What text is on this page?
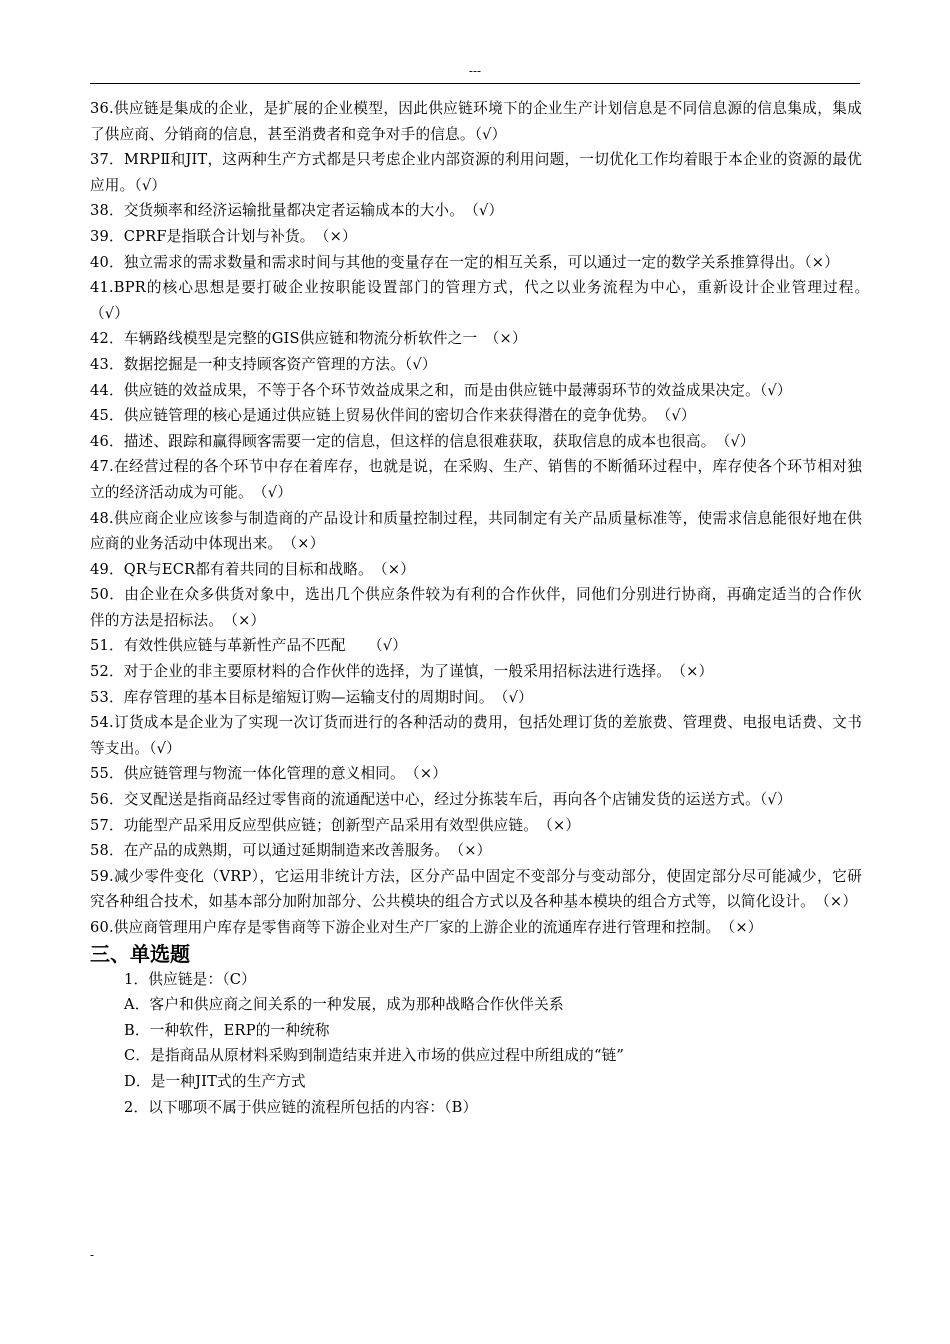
---
36.供应链是集成的企业，是扩展的企业模型，因此供应链环境下的企业生产计划信息是不同信息源的信息集成，集成了供应商、分销商的信息，甚至消费者和竞争对手的信息。（√）
37．MRPⅡ和JIT，这两种生产方式都是只考虑企业内部资源的利用问题，一切优化工作均着眼于本企业的资源的最优应用。（√）
38．交货频率和经济运输批量都决定者运输成本的大小。　（√）
39．CPRF是指联合计划与补货。　（×）
40．独立需求的需求数量和需求时间与其他的变量存在一定的相互关系，可以通过一定的数学关系推算得出。（×）
41.BPR的核心思想是要打破企业按职能设置部门的管理方式，代之以业务流程为中心，重新设计企业管理过程。　　（√）
42．车辆路线模型是完整的GIS供应链和物流分析软件之一　（×）
43．数据挖掘是一种支持顾客资产管理的方法。（√）
44．供应链的效益成果，不等于各个环节效益成果之和，而是由供应链中最薄弱环节的效益成果决定。（√）
45．供应链管理的核心是通过供应链上贸易伙伴间的密切合作来获得潜在的竞争优势。　（√）
46．描述、跟踪和赢得顾客需要一定的信息，但这样的信息很难获取，获取信息的成本也很高。　（√）
47.在经营过程的各个环节中存在着库存，也就是说，在采购、生产、销售的不断循环过程中，库存使各个环节相对独立的经济活动成为可能。　（√）
48.供应商企业应该参与制造商的产品设计和质量控制过程，共同制定有关产品质量标准等，使需求信息能很好地在供应商的业务活动中体现出来。　（×）
49．QR与ECR都有着共同的目标和战略。　（×）
50．由企业在众多供货对象中，选出几个供应条件较为有利的合作伙伴，同他们分别进行协商，再确定适当的合作伙伴的方法是招标法。　（×）
51．有效性供应链与革新性产品不匹配　　（√）
52．对于企业的非主要原材料的合作伙伴的选择，为了谨慎，一般采用招标法进行选择。　（×）
53．库存管理的基本目标是缩短订购—运输支付的周期时间。　（√）
54.订货成本是企业为了实现一次订货而进行的各种活动的费用，包括处理订货的差旅费、管理费、电报电话费、文书等支出。（√）
55．供应链管理与物流一体化管理的意义相同。　（×）
56．交叉配送是指商品经过零售商的流通配送中心，经过分拣装车后，再向各个店铺发货的运送方式。（√）
57．功能型产品采用反应型供应链；创新型产品采用有效型供应链。　（×）
58．在产品的成熟期，可以通过延期制造来改善服务。　（×）
59.减少零件变化（VRP），它运用非统计方法，区分产品中固定不变部分与变动部分，使固定部分尽可能减少，它研究各种组合技术，如基本部分加附加部分、公共模块的组合方式以及各种基本模块的组合方式等，以简化设计。　（×）
60.供应商管理用户库存是零售商等下游企业对生产厂家的上游企业的流通库存进行管理和控制。　（×）
三、单选题
1．供应链是：（C）
A．客户和供应商之间关系的一种发展，成为那种战略合作伙伴关系
B．一种软件，ERP的一种统称
C．是指商品从原材料采购到制造结束并进入市场的供应过程中所组成的“链”
D．是一种JIT式的生产方式
2．以下哪项不属于供应链的流程所包括的内容：（B）
-
